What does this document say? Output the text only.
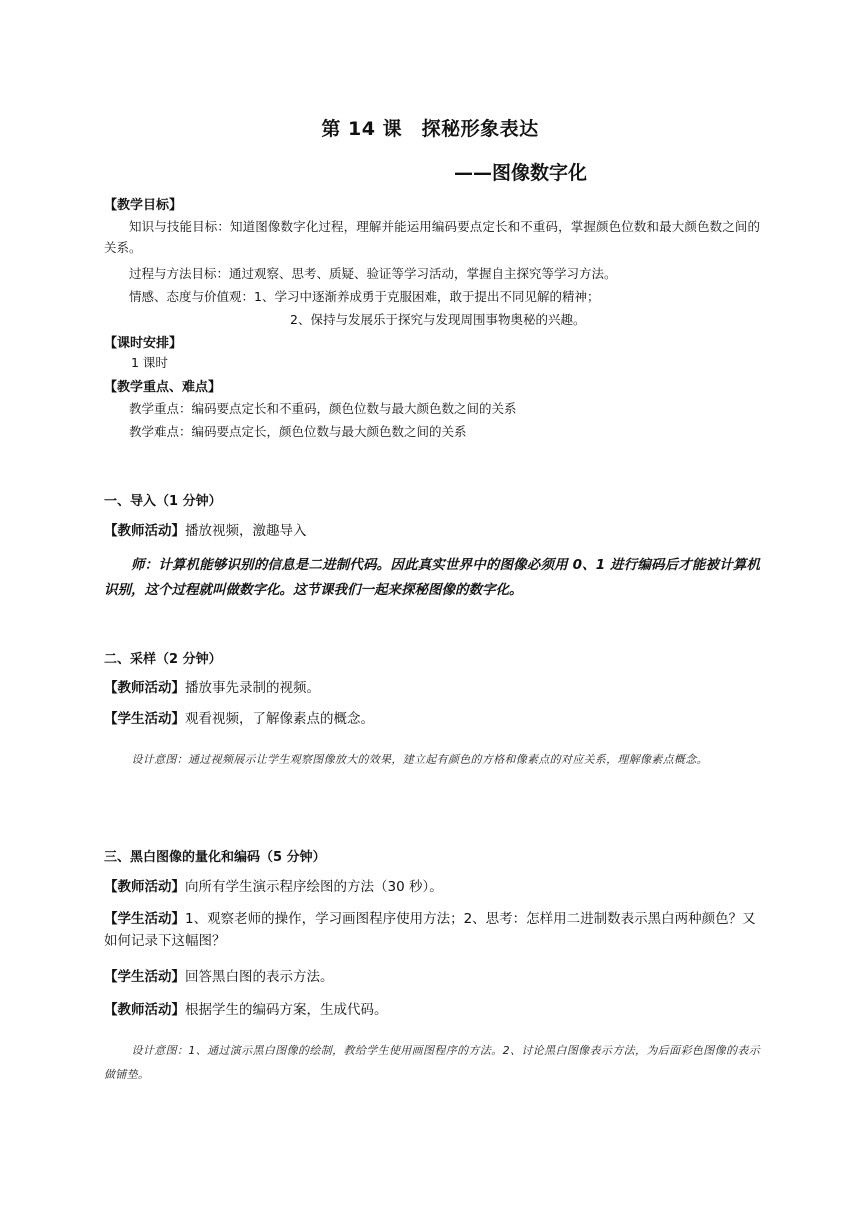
第 14 课　探秘形象表达
——图像数字化
【教学目标】

知识与技能目标：知道图像数字化过程，理解并能运用编码要点定长和不重码，掌握颜色位数和最大颜色数之间的关系。

过程与方法目标：通过观察、思考、质疑、验证等学习活动，掌握自主探究等学习方法。

情感、态度与价值观：1、学习中逐渐养成勇于克服困难，敢于提出不同见解的精神；

2、保持与发展乐于探究与发现周围事物奥秘的兴趣。

【课时安排】

1 课时

【教学重点、难点】

教学重点：编码要点定长和不重码，颜色位数与最大颜色数之间的关系

教学难点：编码要点定长，颜色位数与最大颜色数之间的关系

一、导入（1 分钟）

【教师活动】播放视频，激趣导入

师：计算机能够识别的信息是二进制代码。因此真实世界中的图像必须用 0、1 进行编码后才能被计算机识别，这个过程就叫做数字化。这节课我们一起来探秘图像的数字化。

二、采样（2 分钟）

【教师活动】播放事先录制的视频。

【学生活动】观看视频，了解像素点的概念。

设计意图：通过视频展示让学生观察图像放大的效果，建立起有颜色的方格和像素点的对应关系，理解像素点概念。

三、黑白图像的量化和编码（5 分钟）

【教师活动】向所有学生演示程序绘图的方法（30 秒）。

【学生活动】1、观察老师的操作，学习画图程序使用方法；2、思考：怎样用二进制数表示黑白两种颜色？又如何记录下这幅图？

【学生活动】回答黑白图的表示方法。

【教师活动】根据学生的编码方案，生成代码。

设计意图：1、通过演示黑白图像的绘制，教给学生使用画图程序的方法。2、讨论黑白图像表示方法，为后面彩色图像的表示做铺垫。
